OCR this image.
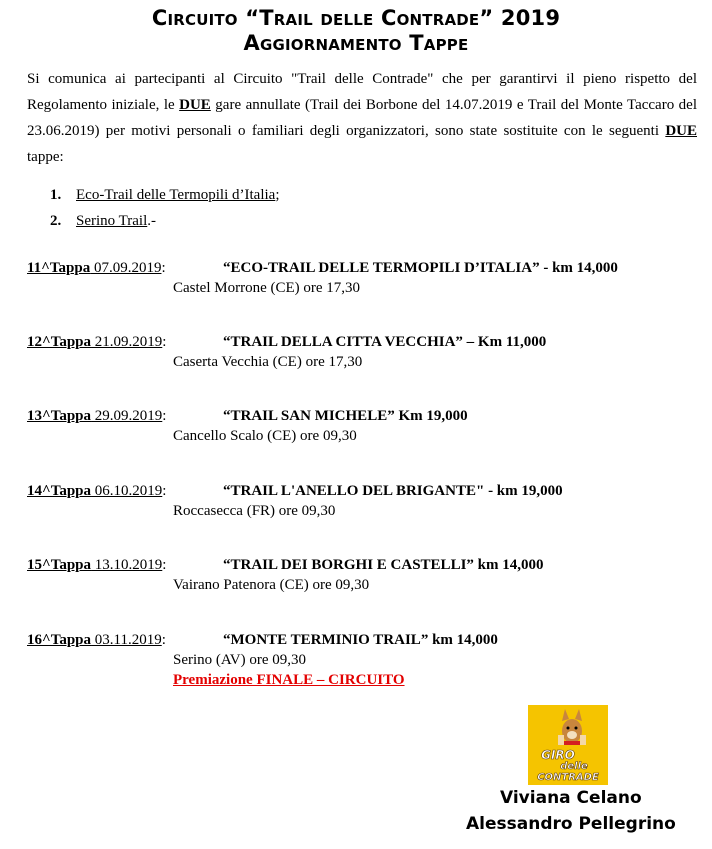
Circuito “Trail delle Contrade” 2019
Aggiornamento Tappe
Si comunica ai partecipanti al Circuito "Trail delle Contrade" che per garantirvi il pieno rispetto del Regolamento iniziale, le DUE gare annullate (Trail dei Borbone del 14.07.2019 e Trail del Monte Taccaro del 23.06.2019) per motivi personali o familiari degli organizzatori, sono state sostituite con le seguenti DUE tappe:
1. Eco-Trail delle Termopili d’Italia;
2. Serino Trail.-
11^Tappa 07.09.2019:	“ECO-TRAIL DELLE TERMOPILI D’ITALIA” - km 14,000
Castel Morrone (CE) ore 17,30
12^Tappa 21.09.2019:	“TRAIL DELLA CITTA VECCHIA” – Km 11,000
Caserta Vecchia (CE) ore 17,30
13^Tappa 29.09.2019:	“TRAIL SAN MICHELE” Km 19,000
Cancello Scalo (CE) ore 09,30
14^Tappa 06.10.2019:	“TRAIL L'ANELLO DEL BRIGANTE" - km 19,000
Roccasecca (FR) ore 09,30
15^Tappa 13.10.2019:	“TRAIL DEI BORGHI E CASTELLI” km 14,000
Vairano Patenora (CE) ore 09,30
16^Tappa 03.11.2019:	“MONTE TERMINIO TRAIL” km 14,000
Serino (AV) ore 09,30
Premiazione FINALE – CIRCUITO
GIRO
delle
CONTRADE
Viviana Celano
Alessandro Pellegrino
